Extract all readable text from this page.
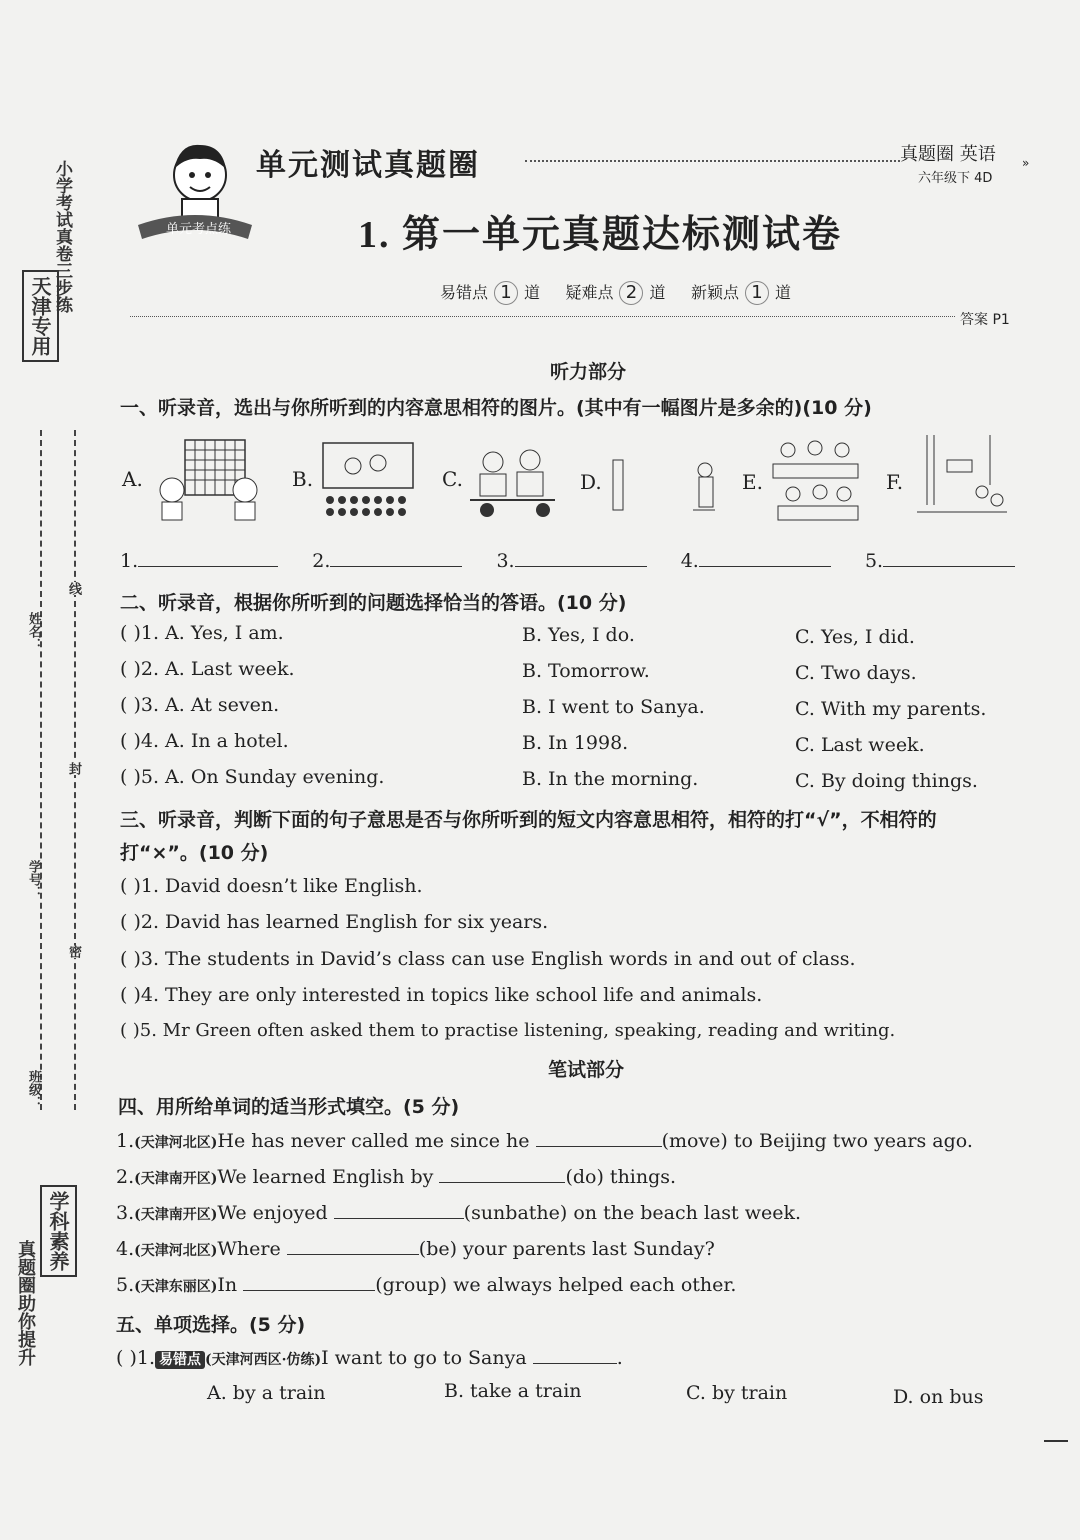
天津专用
小学考试真卷三步练
姓名：
学号：
班级：
线
封
密
学科素养
真题圈助你提升
单元考点练
单元测试真题圈	真题圈 英语
六年级下 4D
»
1. 第一单元真题达标测试卷
易错点 1 道 疑难点 2 道 新颖点 1 道
答案 P1
听力部分
一、听录音，选出与你所听到的内容意思相符的图片。(其中有一幅图片是多余的)(10 分)
A.	B.	C.	D.	E.	F.
1.	2.	3.	4.	5.
二、听录音，根据你所听到的问题选择恰当的答语。(10 分)
( )1. A. Yes, I am.	B. Yes, I do.	C. Yes, I did.
( )2. A. Last week.	B. Tomorrow.	C. Two days.
( )3. A. At seven.	B. I went to Sanya.	C. With my parents.
( )4. A. In a hotel.	B. In 1998.	C. Last week.
( )5. A. On Sunday evening.	B. In the morning.	C. By doing things.
三、听录音，判断下面的句子意思是否与你所听到的短文内容意思相符，相符的打“√”，不相符的
打“×”。(10 分)
( )1. David doesn’t like English.
( )2. David has learned English for six years.
( )3. The students in David’s class can use English words in and out of class.
( )4. They are only interested in topics like school life and animals.
( )5. Mr Green often asked them to practise listening, speaking, reading and writing.
笔试部分
四、用所给单词的适当形式填空。(5 分)
1.(天津河北区)He has never called me since he	(move) to Beijing two years ago.
2.(天津南开区)We learned English by	(do) things.
3.(天津南开区)We enjoyed	(sunbathe) on the beach last week.
4.(天津河北区)Where	(be) your parents last Sunday?
5.(天津东丽区)In	(group) we always helped each other.
五、单项选择。(5 分)
( )1. 易错点 (天津河西区·仿练)I want to go to Sanya	.
A. by a train	B. take a train	C. by train	D. on bus
